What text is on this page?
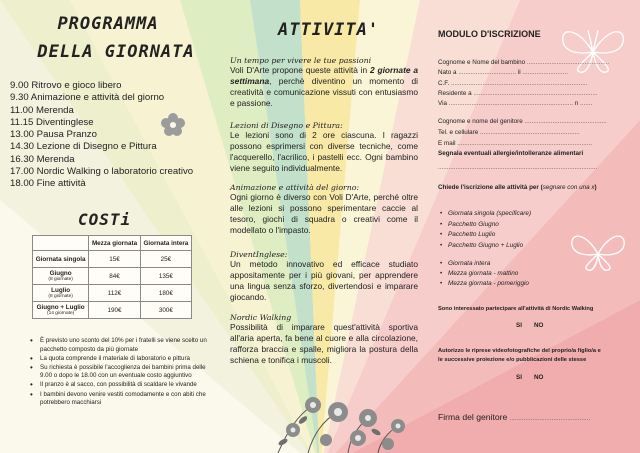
PROGRAMMA
DELLA GIORNATA
9.00 Ritrovo e gioco libero
9.30 Animazione e attività del giorno
11.00 Merenda
11.15 Diventinglese
13.00 Pausa Pranzo
14.30 Lezione di Disegno e Pittura
16.30 Merenda
17.00 Nordic Walking o laboratorio creativo
18.00 Fine attività
COSTi
	Mezza giornata	Giornata intera
Giornata singola	15€	25€
Giugno
(8 giornate)	84€	135€
Luglio
(8 giornate)	112€	180€
Giugno + Luglio
(14 giornate)	190€	300€
• È previsto uno sconto del 10% per i fratelli se viene scelto un pacchetto composto da più giornate
• La quota comprende il materiale di laboratorio e pittura
• Su richiesta è possibile l'accoglienza dei bambini prima delle 9.00 o dopo le 18.00 con un eventuale costo aggiuntivo
• Il pranzo è al sacco, con possibilità di scaldare le vivande
• I bambini devono venire vestiti comodamente e con abiti che potrebbero macchiarsi
ATTIVITA'
Un tempo per vivere le tue passioni
Voli D'Arte propone queste attività in 2 giornate a settimana, perchè diventino un momento di creatività e comunicazione vissuti con entusiasmo e passione.
Lezioni di Disegno e Pittura:
Le lezioni sono di 2 ore ciascuna. I ragazzi possono esprimersi con diverse tecniche, come l'acquerello, l'acrilico, i pastelli ecc. Ogni bambino viene seguito individualmente.
Animazione e attività del giorno:
Ogni giorno è diverso con Voli D'Arte, perché oltre alle lezioni si possono sperimentare caccie al tesoro, giochi di squadra o creativi come il modellato o l'impasto.
DiventInglese:
Un metodo innovativo ed efficace studiato appositamente per i più giovani, per apprendere una lingua senza sforzo, divertendosi e imparare giocando.
Nordic Walking
Possibilità di imparare quest'attività sportiva all'aria aperta, fa bene al cuore e alla circolazione, rafforza braccia e spalle, migliora la postura della schiena e tonifica i muscoli.
MODULO D'ISCRIZIONE
Cognome e Nome del bambino ...............................................
Nato a ................................. il ..........................
C.F. ..............................................................................
Residente a .......................................................................
Via ....................................................................... n .......
Cognome e nome del genitore ...............................................
Tel. e cellulare .........................................................
E mail .............................................................................
Segnala eventuali allergie/intolleranze alimentari
...........................................................................................
Chiede l'iscrizione alle attività per (segnare con una x)
• Giornata singola (specificare)
• Pacchetto Giugno
• Pacchetto Luglio
• Pacchetto Giugno + Luglio
• Giornata intera
• Mezza giornata - mattino
• Mezza giornata - pomeriggio
Sono interessato partecipare all'attività di Nordic Walking
SI NO
Autorizzo le riprese videofotografiche del proprio/a figlio/a e
le successive proiezione e/o pubblicazioni delle stesse
SI NO
Firma del genitore ..............................................
